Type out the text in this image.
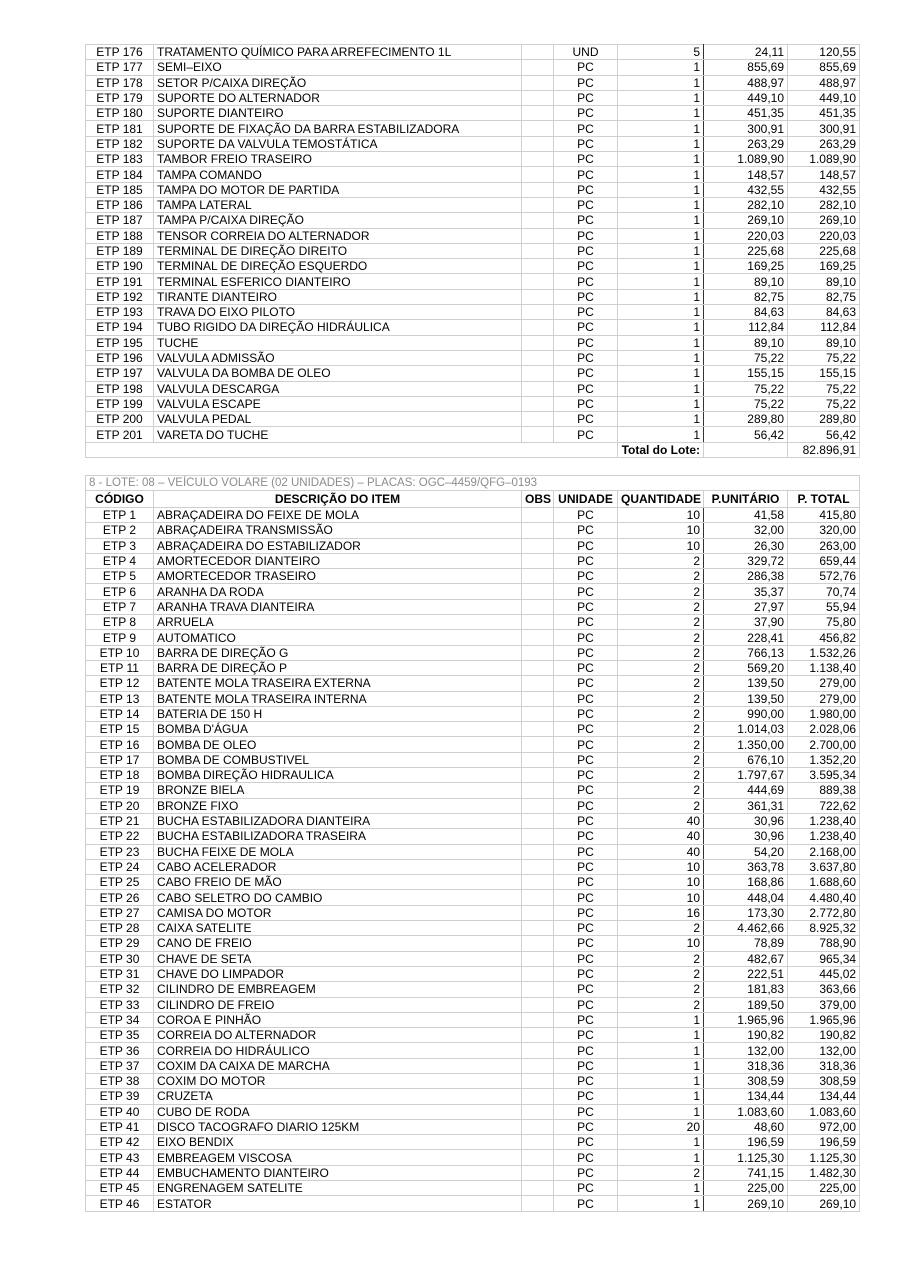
ETP 176	TRATAMENTO QUÍMICO PARA ARREFECIMENTO 1L		UND	5	24,11	120,55
ETP 177	SEMI–EIXO		PC	1	855,69	855,69
ETP 178	SETOR P/CAIXA DIREÇÃO		PC	1	488,97	488,97
ETP 179	SUPORTE DO ALTERNADOR		PC	1	449,10	449,10
ETP 180	SUPORTE DIANTEIRO		PC	1	451,35	451,35
ETP 181	SUPORTE DE FIXAÇÃO DA BARRA ESTABILIZADORA		PC	1	300,91	300,91
ETP 182	SUPORTE DA VALVULA TEMOSTÁTICA		PC	1	263,29	263,29
ETP 183	TAMBOR FREIO TRASEIRO		PC	1	1.089,90	1.089,90
ETP 184	TAMPA COMANDO		PC	1	148,57	148,57
ETP 185	TAMPA DO MOTOR DE PARTIDA		PC	1	432,55	432,55
ETP 186	TAMPA LATERAL		PC	1	282,10	282,10
ETP 187	TAMPA P/CAIXA DIREÇÃO		PC	1	269,10	269,10
ETP 188	TENSOR CORREIA DO ALTERNADOR		PC	1	220,03	220,03
ETP 189	TERMINAL DE DIREÇÃO DIREITO		PC	1	225,68	225,68
ETP 190	TERMINAL DE DIREÇÃO ESQUERDO		PC	1	169,25	169,25
ETP 191	TERMINAL ESFERICO DIANTEIRO		PC	1	89,10	89,10
ETP 192	TIRANTE DIANTEIRO		PC	1	82,75	82,75
ETP 193	TRAVA DO EIXO PILOTO		PC	1	84,63	84,63
ETP 194	TUBO RIGIDO DA DIREÇÃO HIDRÁULICA		PC	1	112,84	112,84
ETP 195	TUCHE		PC	1	89,10	89,10
ETP 196	VALVULA ADMISSÃO		PC	1	75,22	75,22
ETP 197	VALVULA DA BOMBA DE OLEO		PC	1	155,15	155,15
ETP 198	VALVULA DESCARGA		PC	1	75,22	75,22
ETP 199	VALVULA ESCAPE		PC	1	75,22	75,22
ETP 200	VALVULA PEDAL		PC	1	289,80	289,80
ETP 201	VARETA DO TUCHE		PC	1	56,42	56,42
				Total do Lote:		82.896,91
8 - LOTE: 08 – VEÍCULO VOLARE (02 UNIDADES) – PLACAS: OGC–4459/QFG–0193						
CÓDIGO	DESCRIÇÃO DO ITEM	OBS	UNIDADE	QUANTIDADE	P.UNITÁRIO	P. TOTAL
ETP 1	ABRAÇADEIRA DO FEIXE DE MOLA		PC	10	41,58	415,80
ETP 2	ABRAÇADEIRA TRANSMISSÃO		PC	10	32,00	320,00
ETP 3	ABRAÇADEIRA DO ESTABILIZADOR		PC	10	26,30	263,00
ETP 4	AMORTECEDOR DIANTEIRO		PC	2	329,72	659,44
ETP 5	AMORTECEDOR TRASEIRO		PC	2	286,38	572,76
ETP 6	ARANHA DA RODA		PC	2	35,37	70,74
ETP 7	ARANHA TRAVA DIANTEIRA		PC	2	27,97	55,94
ETP 8	ARRUELA		PC	2	37,90	75,80
ETP 9	AUTOMATICO		PC	2	228,41	456,82
ETP 10	BARRA DE DIREÇÃO G		PC	2	766,13	1.532,26
ETP 11	BARRA DE DIREÇÃO P		PC	2	569,20	1.138,40
ETP 12	BATENTE MOLA TRASEIRA EXTERNA		PC	2	139,50	279,00
ETP 13	BATENTE MOLA TRASEIRA INTERNA		PC	2	139,50	279,00
ETP 14	BATERIA DE 150 H		PC	2	990,00	1.980,00
ETP 15	BOMBA D'ÁGUA		PC	2	1.014,03	2.028,06
ETP 16	BOMBA DE OLEO		PC	2	1.350,00	2.700,00
ETP 17	BOMBA DE COMBUSTIVEL		PC	2	676,10	1.352,20
ETP 18	BOMBA DIREÇÃO HIDRAULICA		PC	2	1.797,67	3.595,34
ETP 19	BRONZE BIELA		PC	2	444,69	889,38
ETP 20	BRONZE FIXO		PC	2	361,31	722,62
ETP 21	BUCHA ESTABILIZADORA DIANTEIRA		PC	40	30,96	1.238,40
ETP 22	BUCHA ESTABILIZADORA TRASEIRA		PC	40	30,96	1.238,40
ETP 23	BUCHA FEIXE DE MOLA		PC	40	54,20	2.168,00
ETP 24	CABO ACELERADOR		PC	10	363,78	3.637,80
ETP 25	CABO FREIO DE MÃO		PC	10	168,86	1.688,60
ETP 26	CABO SELETRO DO CAMBIO		PC	10	448,04	4.480,40
ETP 27	CAMISA DO MOTOR		PC	16	173,30	2.772,80
ETP 28	CAIXA SATELITE		PC	2	4.462,66	8.925,32
ETP 29	CANO DE FREIO		PC	10	78,89	788,90
ETP 30	CHAVE DE SETA		PC	2	482,67	965,34
ETP 31	CHAVE DO LIMPADOR		PC	2	222,51	445,02
ETP 32	CILINDRO DE EMBREAGEM		PC	2	181,83	363,66
ETP 33	CILINDRO DE FREIO		PC	2	189,50	379,00
ETP 34	COROA E PINHÃO		PC	1	1.965,96	1.965,96
ETP 35	CORREIA DO ALTERNADOR		PC	1	190,82	190,82
ETP 36	CORREIA DO HIDRÁULICO		PC	1	132,00	132,00
ETP 37	COXIM DA CAIXA DE MARCHA		PC	1	318,36	318,36
ETP 38	COXIM DO MOTOR		PC	1	308,59	308,59
ETP 39	CRUZETA		PC	1	134,44	134,44
ETP 40	CUBO DE RODA		PC	1	1.083,60	1.083,60
ETP 41	DISCO TACOGRAFO DIARIO 125KM		PC	20	48,60	972,00
ETP 42	EIXO BENDIX		PC	1	196,59	196,59
ETP 43	EMBREAGEM VISCOSA		PC	1	1.125,30	1.125,30
ETP 44	EMBUCHAMENTO DIANTEIRO		PC	2	741,15	1.482,30
ETP 45	ENGRENAGEM SATELITE		PC	1	225,00	225,00
ETP 46	ESTATOR		PC	1	269,10	269,10
